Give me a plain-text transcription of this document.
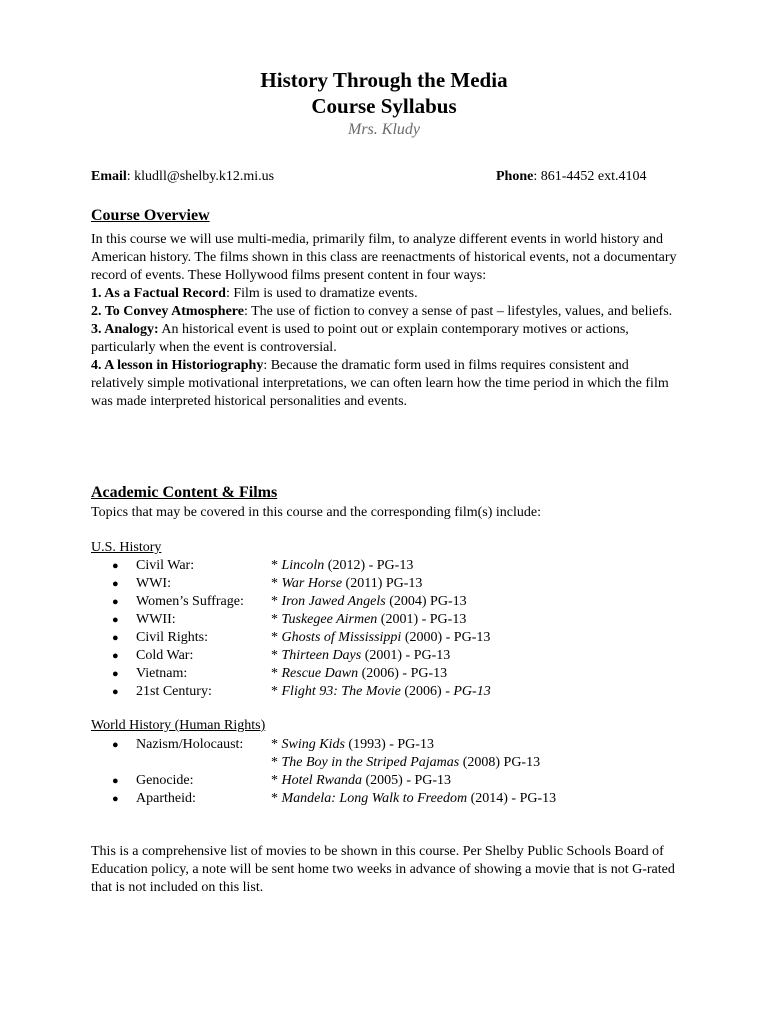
History Through the Media
Course Syllabus
Mrs. Kludy
Email: kludll@shelby.k12.mi.us	Phone: 861-4452 ext.4104
Course Overview
In this course we will use multi-media, primarily film, to analyze different events in world history and American history. The films shown in this class are reenactments of historical events, not a documentary record of events. These Hollywood films present content in four ways:
1. As a Factual Record: Film is used to dramatize events.
2. To Convey Atmosphere: The use of fiction to convey a sense of past – lifestyles, values, and beliefs.
3. Analogy: An historical event is used to point out or explain contemporary motives or actions, particularly when the event is controversial.
4. A lesson in Historiography: Because the dramatic form used in films requires consistent and relatively simple motivational interpretations, we can often learn how the time period in which the film was made interpreted historical personalities and events.
Academic Content & Films
Topics that may be covered in this course and the corresponding film(s) include:
U.S. History
● Civil War:	* Lincoln (2012) - PG-13
● WWI:	* War Horse (2011) PG-13
● Women’s Suffrage: * Iron Jawed Angels (2004) PG-13
● WWII:	* Tuskegee Airmen (2001) - PG-13
● Civil Rights:	* Ghosts of Mississippi (2000) - PG-13
● Cold War:	* Thirteen Days (2001) - PG-13
● Vietnam:	* Rescue Dawn (2006) - PG-13
● 21st Century:	* Flight 93: The Movie (2006) - PG-13
World History (Human Rights)
● Nazism/Holocaust: * Swing Kids (1993) - PG-13
* The Boy in the Striped Pajamas (2008) PG-13
● Genocide:	* Hotel Rwanda (2005) - PG-13
● Apartheid:	* Mandela: Long Walk to Freedom (2014) - PG-13
This is a comprehensive list of movies to be shown in this course. Per Shelby Public Schools Board of Education policy, a note will be sent home two weeks in advance of showing a movie that is not G-rated that is not included on this list.
